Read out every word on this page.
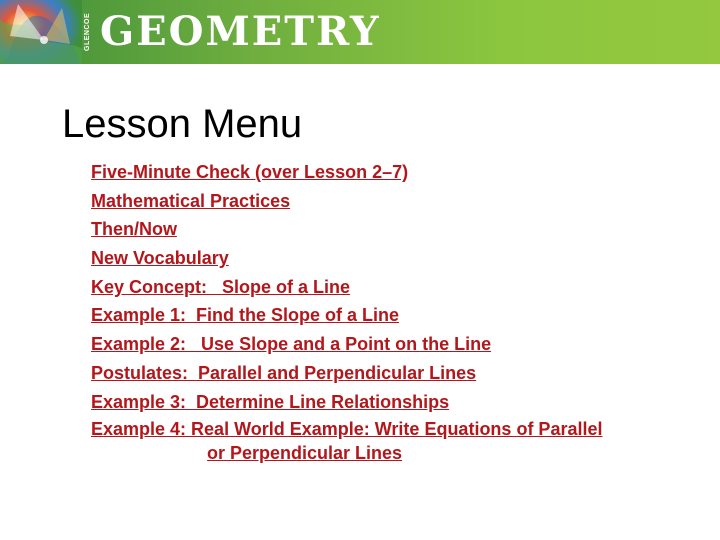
GLENCOE GEOMETRY
Lesson Menu
Five-Minute Check (over Lesson 2–7)
Mathematical Practices
Then/Now
New Vocabulary
Key Concept:   Slope of a Line
Example 1:  Find the Slope of a Line
Example 2:   Use Slope and a Point on the Line
Postulates:  Parallel and Perpendicular Lines
Example 3:  Determine Line Relationships
Example 4: Real World Example: Write Equations of Parallel
or Perpendicular Lines
